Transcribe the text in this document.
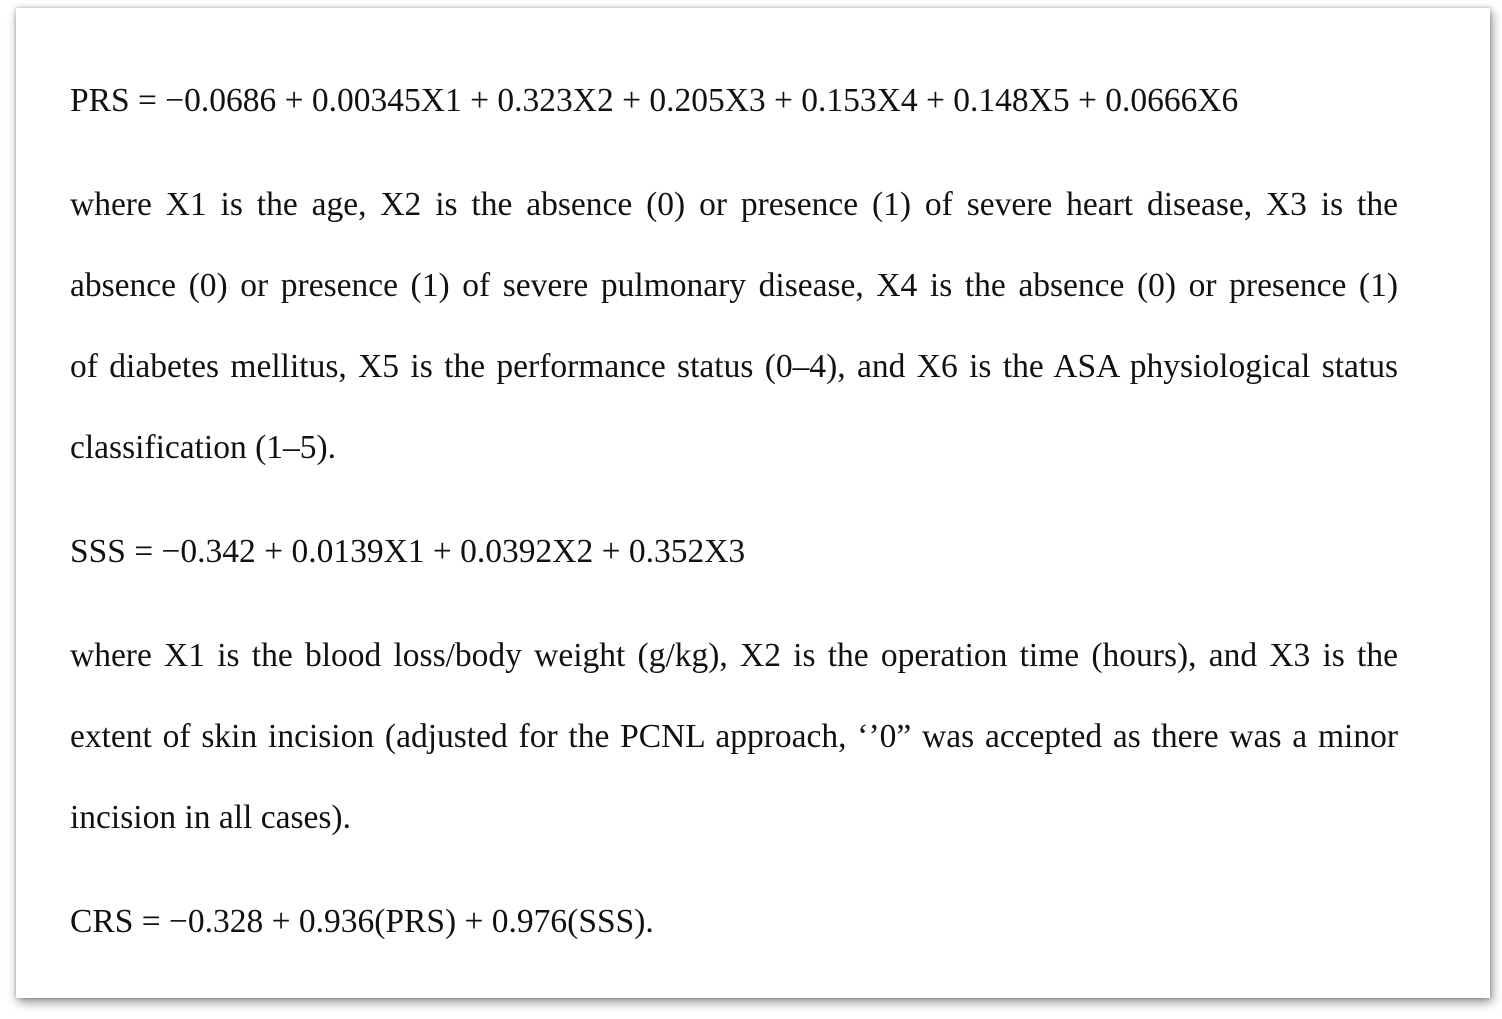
PRS = −0.0686 + 0.00345X1 + 0.323X2 + 0.205X3 + 0.153X4 + 0.148X5 + 0.0666X6
where X1 is the age, X2 is the absence (0) or presence (1) of severe heart disease, X3 is the
absence (0) or presence (1) of severe pulmonary disease, X4 is the absence (0) or presence (1)
of diabetes mellitus, X5 is the performance status (0–4), and X6 is the ASA physiological status
classification (1–5).
SSS = −0.342 + 0.0139X1 + 0.0392X2 + 0.352X3
where X1 is the blood loss/body weight (g/kg), X2 is the operation time (hours), and X3 is the
extent of skin incision (adjusted for the PCNL approach, ‘’0” was accepted as there was a minor
incision in all cases).
CRS = −0.328 + 0.936(PRS) + 0.976(SSS).
